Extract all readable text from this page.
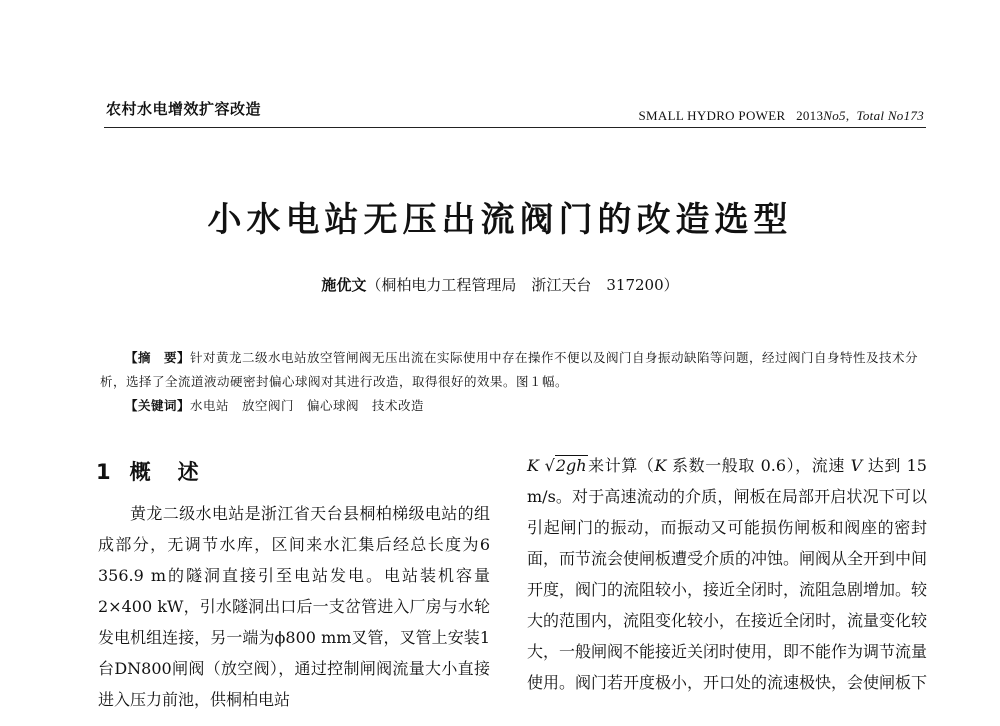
农村水电增效扩容改造	SMALL HYDRO POWER 2013No5,  Total No173
小水电站无压出流阀门的改造选型
施优文（桐柏电力工程管理局　浙江天台　317200）
【摘　要】针对黄龙二级水电站放空管闸阀无压出流在实际使用中存在操作不便以及阀门自身振动缺陷等问题，经过阀门自身特性及技术分析，选择了全流道液动硬密封偏心球阀对其进行改造，取得很好的效果。图１幅。
【关键词】水电站　放空阀门　偏心球阀　技术改造
1 概　述
黄龙二级水电站是浙江省天台县桐柏梯级电站的组成部分，无调节水库，区间来水汇集后经总长度为6 356.9 m的隧洞直接引至电站发电。电站装机容量2×400 kW，引水隧洞出口后一支岔管进入厂房与水轮发电机组连接，另一端为ϕ800 mm叉管，叉管上安装1台DN800闸阀（放空阀），通过控制闸阀流量大小直接进入压力前池，供桐柏电站
K √2gh来计算（K 系数一般取 0.6），流速 V 达到 15 m/s。对于高速流动的介质，闸板在局部开启状况下可以引起闸门的振动，而振动又可能损伤闸板和阀座的密封面，而节流会使闸板遭受介质的冲蚀。闸阀从全开到中间开度，阀门的流阻较小，接近全闭时，流阻急剧增加。较大的范围内，流阻变化较小，在接近全闭时，流量变化较大，一般闸阀不能接近关闭时使用，即不能作为调节流量使用。阀门若开度极小，开口处的流速极快，会使闸板下
